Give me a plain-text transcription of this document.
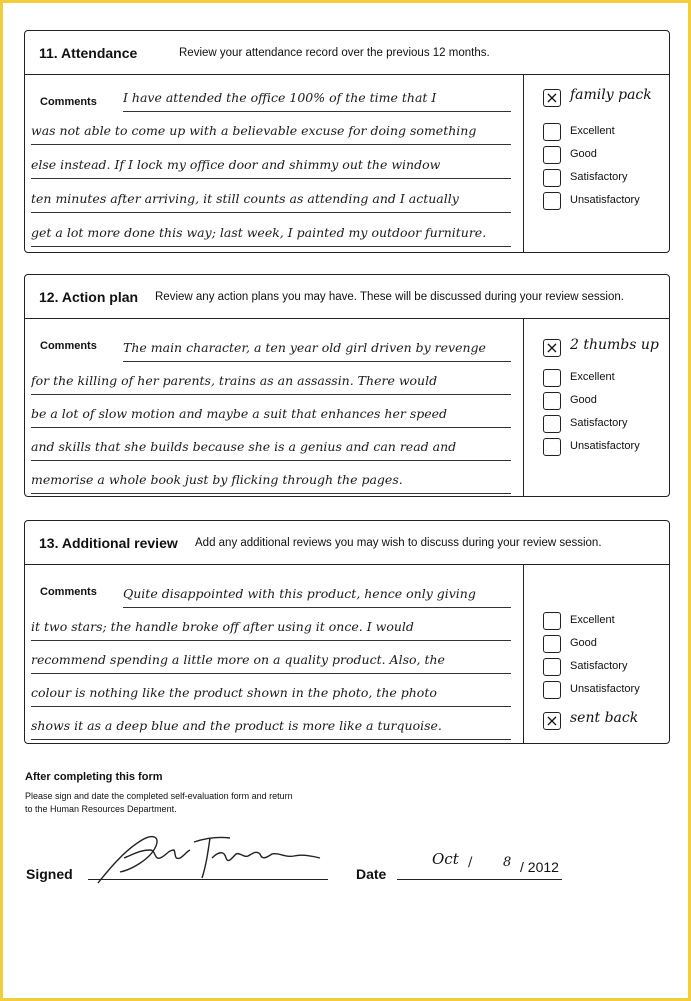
11. Attendance	Review your attendance record over the previous 12 months.
Comments I have attended the office 100% of the time that I
was not able to come up with a believable excuse for doing something
else instead. If I lock my office door and shimmy out the window
ten minutes after arriving, it still counts as attending and I actually
get a lot more done this way; last week, I painted my outdoor furniture.
× family pack
Excellent
Good
Satisfactory
Unsatisfactory
12. Action plan Review any action plans you may have. These will be discussed during your review session.
Comments The main character, a ten year old girl driven by revenge
for the killing of her parents, trains as an assassin. There would
be a lot of slow motion and maybe a suit that enhances her speed
and skills that she builds because she is a genius and can read and
memorise a whole book just by flicking through the pages.
× 2 thumbs up
Excellent
Good
Satisfactory
Unsatisfactory
13. Additional review Add any additional reviews you may wish to discuss during your review session.
Comments Quite disappointed with this product, hence only giving
it two stars; the handle broke off after using it once. I would
recommend spending a little more on a quality product. Also, the
colour is nothing like the product shown in the photo, the photo
shows it as a deep blue and the product is more like a turquoise.
Excellent
Good
Satisfactory
Unsatisfactory
× sent back
After completing this form
Please sign and date the completed self-evaluation form and return
to the Human Resources Department.
Signed	Date
Oct / 8 / 2012
